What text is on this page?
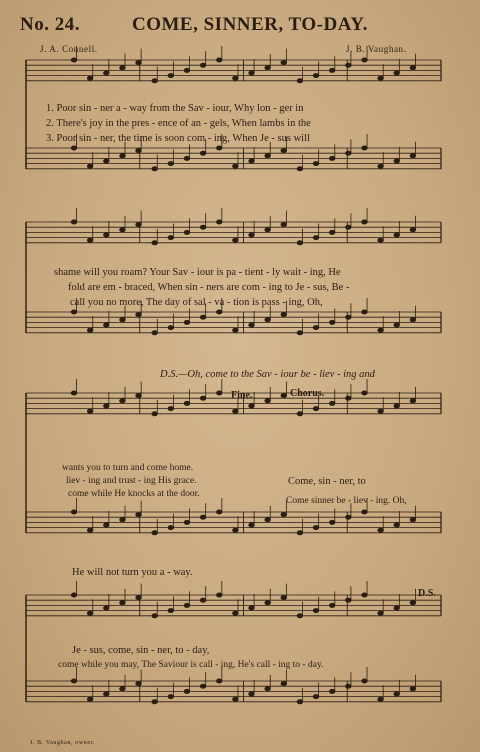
No. 24.	COME, SINNER, TO-DAY.
J. A. Connell.	J. B. Vaughan.
1. Poor sin - ner a - way from the Sav - iour, Why lon - ger in
2. There's joy in the pres - ence of an - gels, When lambs in the
3. Poor sin - ner, the time is soon com - ing, When Je - sus will
shame will you roam? Your Sav - iour is pa - tient - ly wait - ing, He
fold are em - braced, When sin - ners are com - ing to Je - sus, Be -
call you no more, The day of sal - va - tion is pass - ing, Oh,
D.S.—Oh, come to the Sav - iour be - liev - ing and
Fine.	Chorus.
wants you to turn and come home.
liev - ing and trust - ing His grace.
come while He knocks at the door.
Come, sin - ner, to
Come sinner be - liev - ing. Oh,
He will not turn you a - way.
D.S.
Je - sus, come, sin - ner, to - day,
come while you may, The Saviour is call - ing, He's call - ing to - day.
J. B. Vaughan, owner.
